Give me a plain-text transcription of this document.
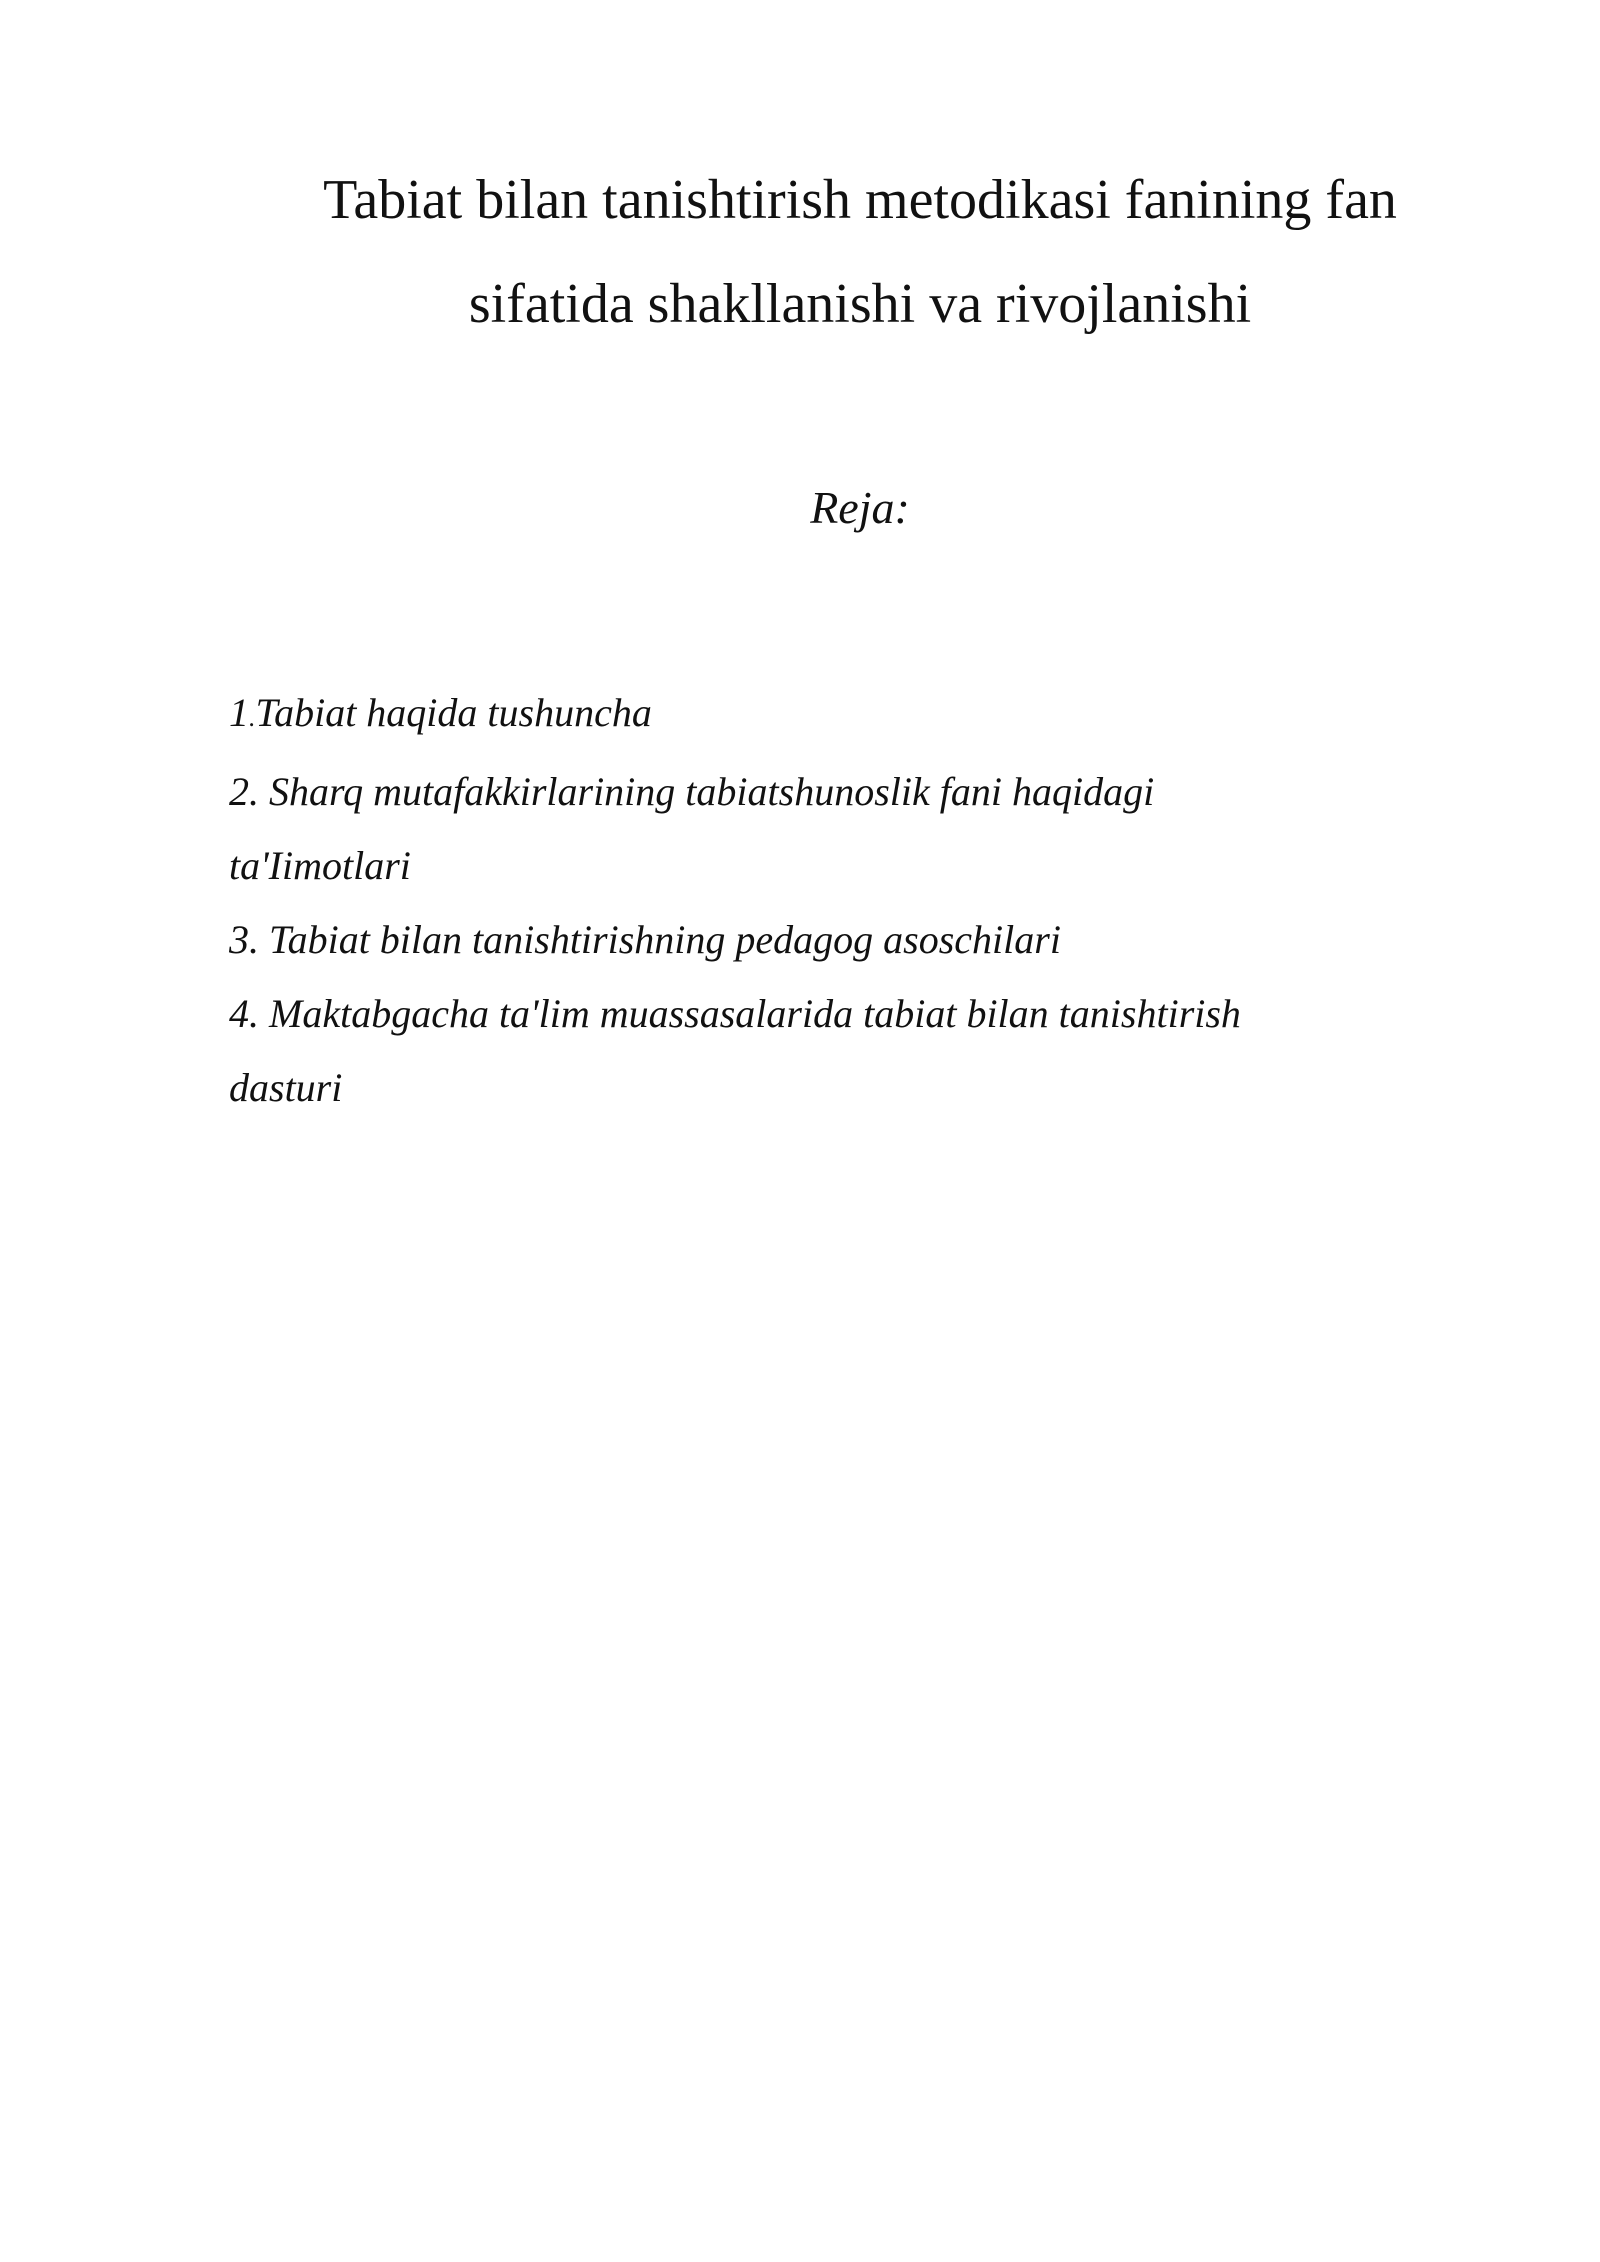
Tabiat bilan tanishtirish metodikasi fanining fan
sifatida shakllanishi va rivojlanishi

Reja:

1.Tabiat haqida tushuncha
2. Sharq mutafakkirlarining tabiatshunoslik fani haqidagi
ta'Iimotlari
3. Tabiat bilan tanishtirishning pedagog asoschilari
4. Maktabgacha ta'lim muassasalarida tabiat bilan tanishtirish
dasturi
